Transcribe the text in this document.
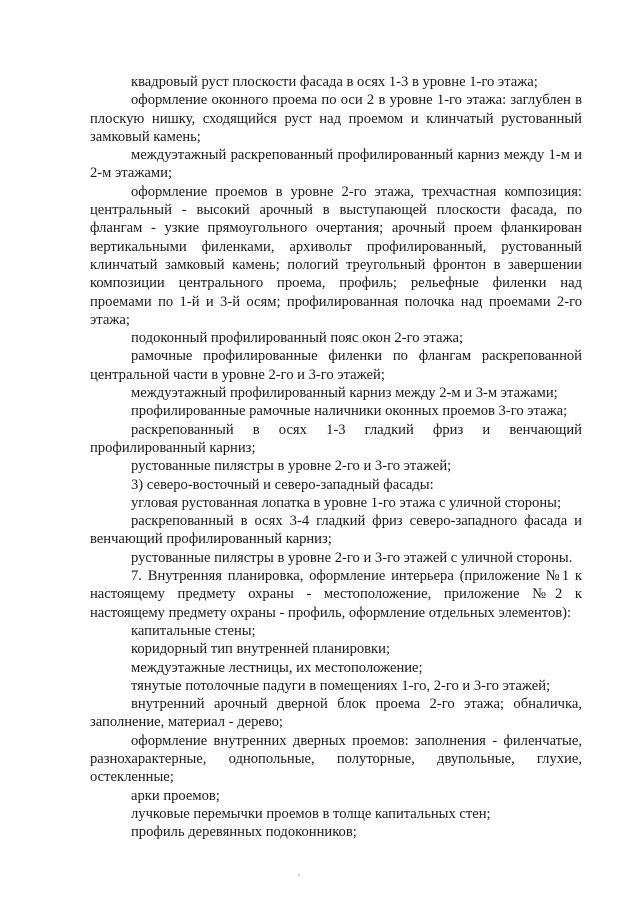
квадровый руст плоскости фасада в осях 1-3 в уровне 1-го этажа;

оформление оконного проема по оси 2 в уровне 1-го этажа: заглублен в плоскую нишку, сходящийся руст над проемом и клинчатый рустованный замковый камень;

междуэтажный раскрепованный профилированный карниз между 1-м и 2-м этажами;

оформление проемов в уровне 2-го этажа, трехчастная композиция: центральный - высокий арочный в выступающей плоскости фасада, по флангам - узкие прямоугольного очертания; арочный проем фланкирован вертикальными филенками, архивольт профилированный, рустованный клинчатый замковый камень; пологий треугольный фронтон в завершении композиции центрального проема, профиль; рельефные филенки над проемами по 1-й и 3-й осям; профилированная полочка над проемами 2-го этажа;

подоконный профилированный пояс окон 2-го этажа;

рамочные профилированные филенки по флангам раскрепованной центральной части в уровне 2-го и 3-го этажей;

междуэтажный профилированный карниз между 2-м и 3-м этажами;

профилированные рамочные наличники оконных проемов 3-го этажа;

раскрепованный в осях 1-3 гладкий фриз и венчающий профилированный карниз;

рустованные пилястры в уровне 2-го и 3-го этажей;

3) северо-восточный и северо-западный фасады:

угловая рустованная лопатка в уровне 1-го этажа с уличной стороны;

раскрепованный в осях 3-4 гладкий фриз северо-западного фасада и венчающий профилированный карниз;

рустованные пилястры в уровне 2-го и 3-го этажей с уличной стороны.

7. Внутренняя планировка, оформление интерьера (приложение №1 к настоящему предмету охраны - местоположение, приложение №2 к настоящему предмету охраны - профиль, оформление отдельных элементов):

капитальные стены;

коридорный тип внутренней планировки;

междуэтажные лестницы, их местоположение;

тянутые потолочные падуги в помещениях 1-го, 2-го и 3-го этажей;

внутренний арочный дверной блок проема 2-го этажа; обналичка, заполнение, материал - дерево;

оформление внутренних дверных проемов: заполнения - филенчатые, разнохарактерные, однопольные, полуторные, двупольные, глухие, остекленные;

арки проемов;

лучковые перемычки проемов в толще капитальных стен;

профиль деревянных подоконников;
